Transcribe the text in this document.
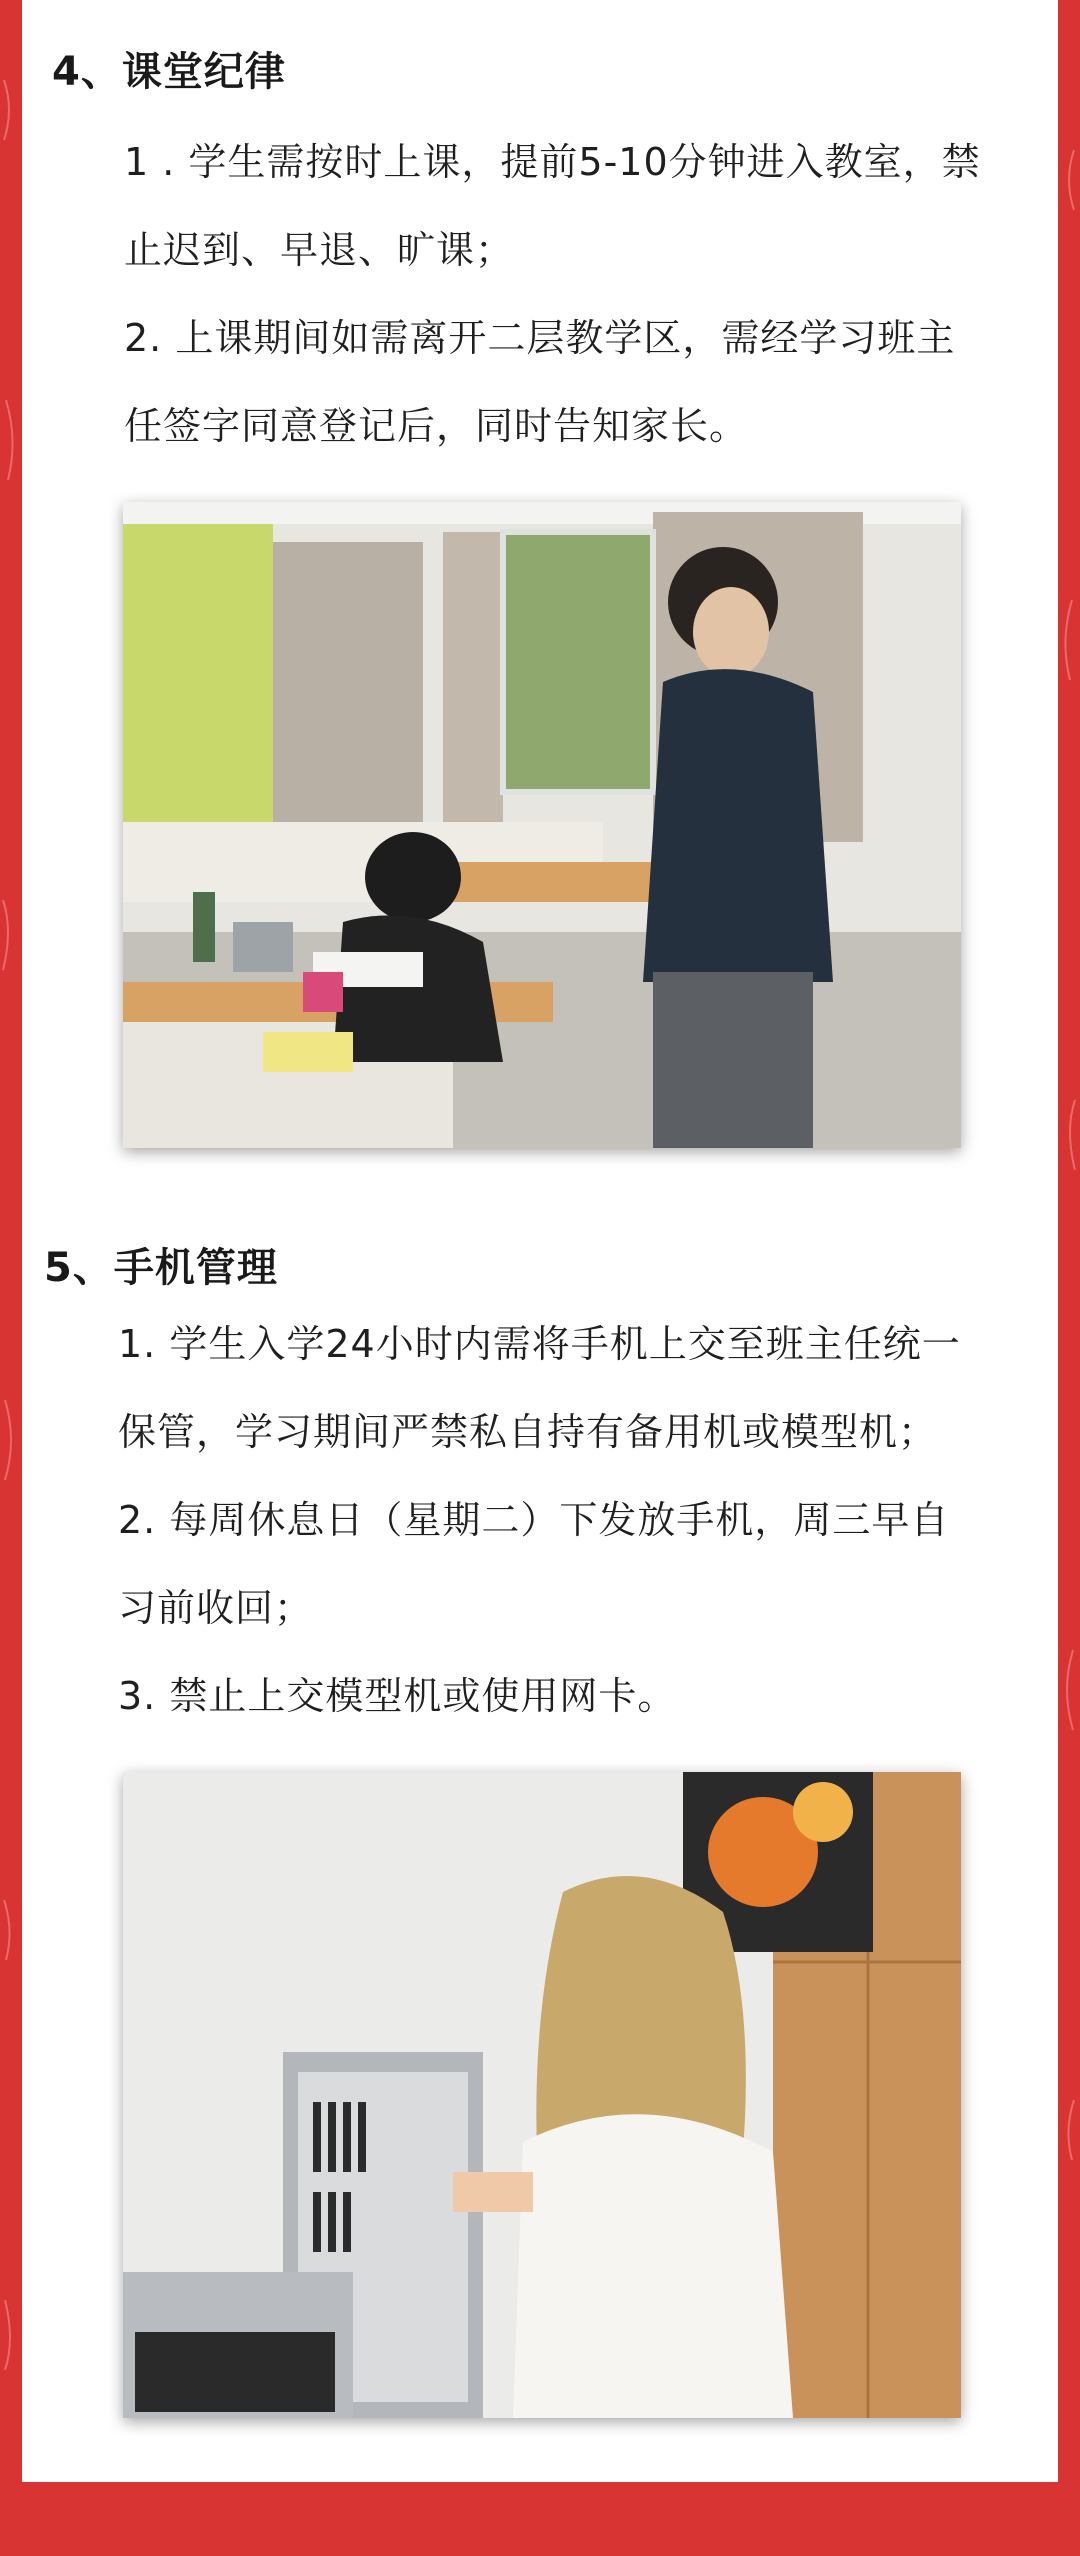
4、课堂纪律
1 . 学生需按时上课，提前5-10分钟进入教室，禁
止迟到、早退、旷课；
2. 上课期间如需离开二层教学区，需经学习班主
任签字同意登记后，同时告知家长。
5、手机管理
1. 学生入学24小时内需将手机上交至班主任统一
保管，学习期间严禁私自持有备用机或模型机；
2. 每周休息日（星期二）下发放手机，周三早自
习前收回；
3. 禁止上交模型机或使用网卡。
